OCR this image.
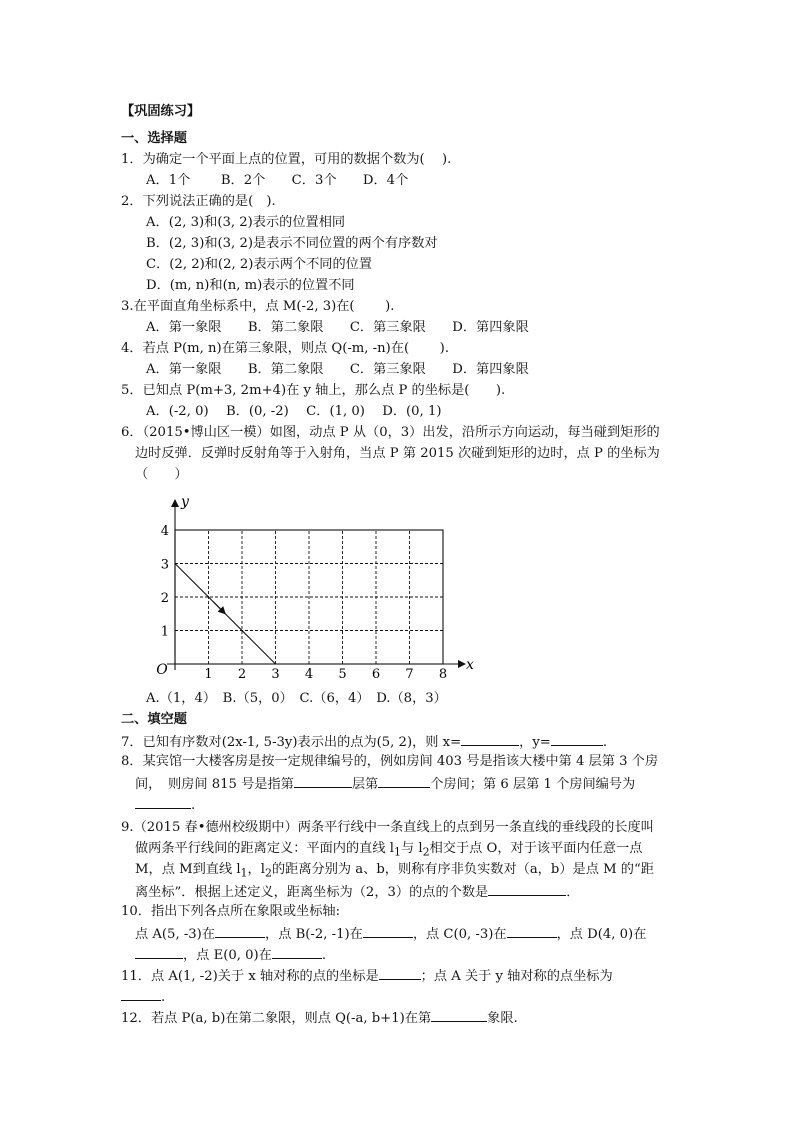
【巩固练习】
一、选择题
1．为确定一个平面上点的位置，可用的数据个数为(　 ).
A．1个　　 B．2个　　C．3个　　D．4个
2．下列说法正确的是(　).
A．(2, 3)和(3, 2)表示的位置相同
B．(2, 3)和(3, 2)是表示不同位置的两个有序数对
C．(2, 2)和(2, 2)表示两个不同的位置
D．(m, n)和(n, m)表示的位置不同
3.在平面直角坐标系中，点 M(-2, 3)在(　　 ).
A．第一象限　　B．第二象限　　C．第三象限　　D．第四象限
4．若点 P(m, n)在第三象限，则点 Q(-m, -n)在(　　 ).
A．第一象限　　B．第二象限　　C．第三象限　　D．第四象限
5．已知点 P(m+3, 2m+4)在 y 轴上，那么点 P 的坐标是(　　).
A．(-2, 0)　 B．(0, -2)　 C．(1, 0)　 D．(0, 1)
6．（2015•博山区一模）如图，动点 P 从（0，3）出发，沿所示方向运动，每当碰到矩形的
边时反弹．反弹时反射角等于入射角，当点 P 第 2015 次碰到矩形的边时，点 P 的坐标为
（　　）
1 2 3 4 5 6 7 8
1
2
3
4
O	x
y
A.（1，4）　B.（5，0）　C.（6，4）　D.（8，3）
二、填空题
7．已知有序数对(2x-1, 5-3y)表示出的点为(5, 2)，则 x=	，y=	.
8．某宾馆一大楼客房是按一定规律编号的，例如房间 403 号是指该大楼中第 4 层第 3 个房
间，　则房间 815 号是指第	层第	个房间；第 6 层第 1 个房间编号为
.
9.（2015 春•德州校级期中）两条平行线中一条直线上的点到另一条直线的垂线段的长度叫
做两条平行线间的距离定义：平面内的直线 $l_1$与 $l_2$相交于点 O，对于该平面内任意一点
M，点 M到直线 $l_1$，$l_2$的距离分别为 a、b，则称有序非负实数对（a，b）是点 M 的“距
离坐标”．根据上述定义，距离坐标为（2，3）的点的个数是	．
10．指出下列各点所在象限或坐标轴:
点 A(5, -3)在	，点 B(-2, -1)在	，点 C(0, -3)在	，点 D(4, 0)在
，点 E(0, 0)在	.
11．点 A(1, -2)关于 x 轴对称的点的坐标是	；点 A 关于 y 轴对称的点坐标为
.
12．若点 P(a, b)在第二象限，则点 Q(-a, b+1)在第	象限.
